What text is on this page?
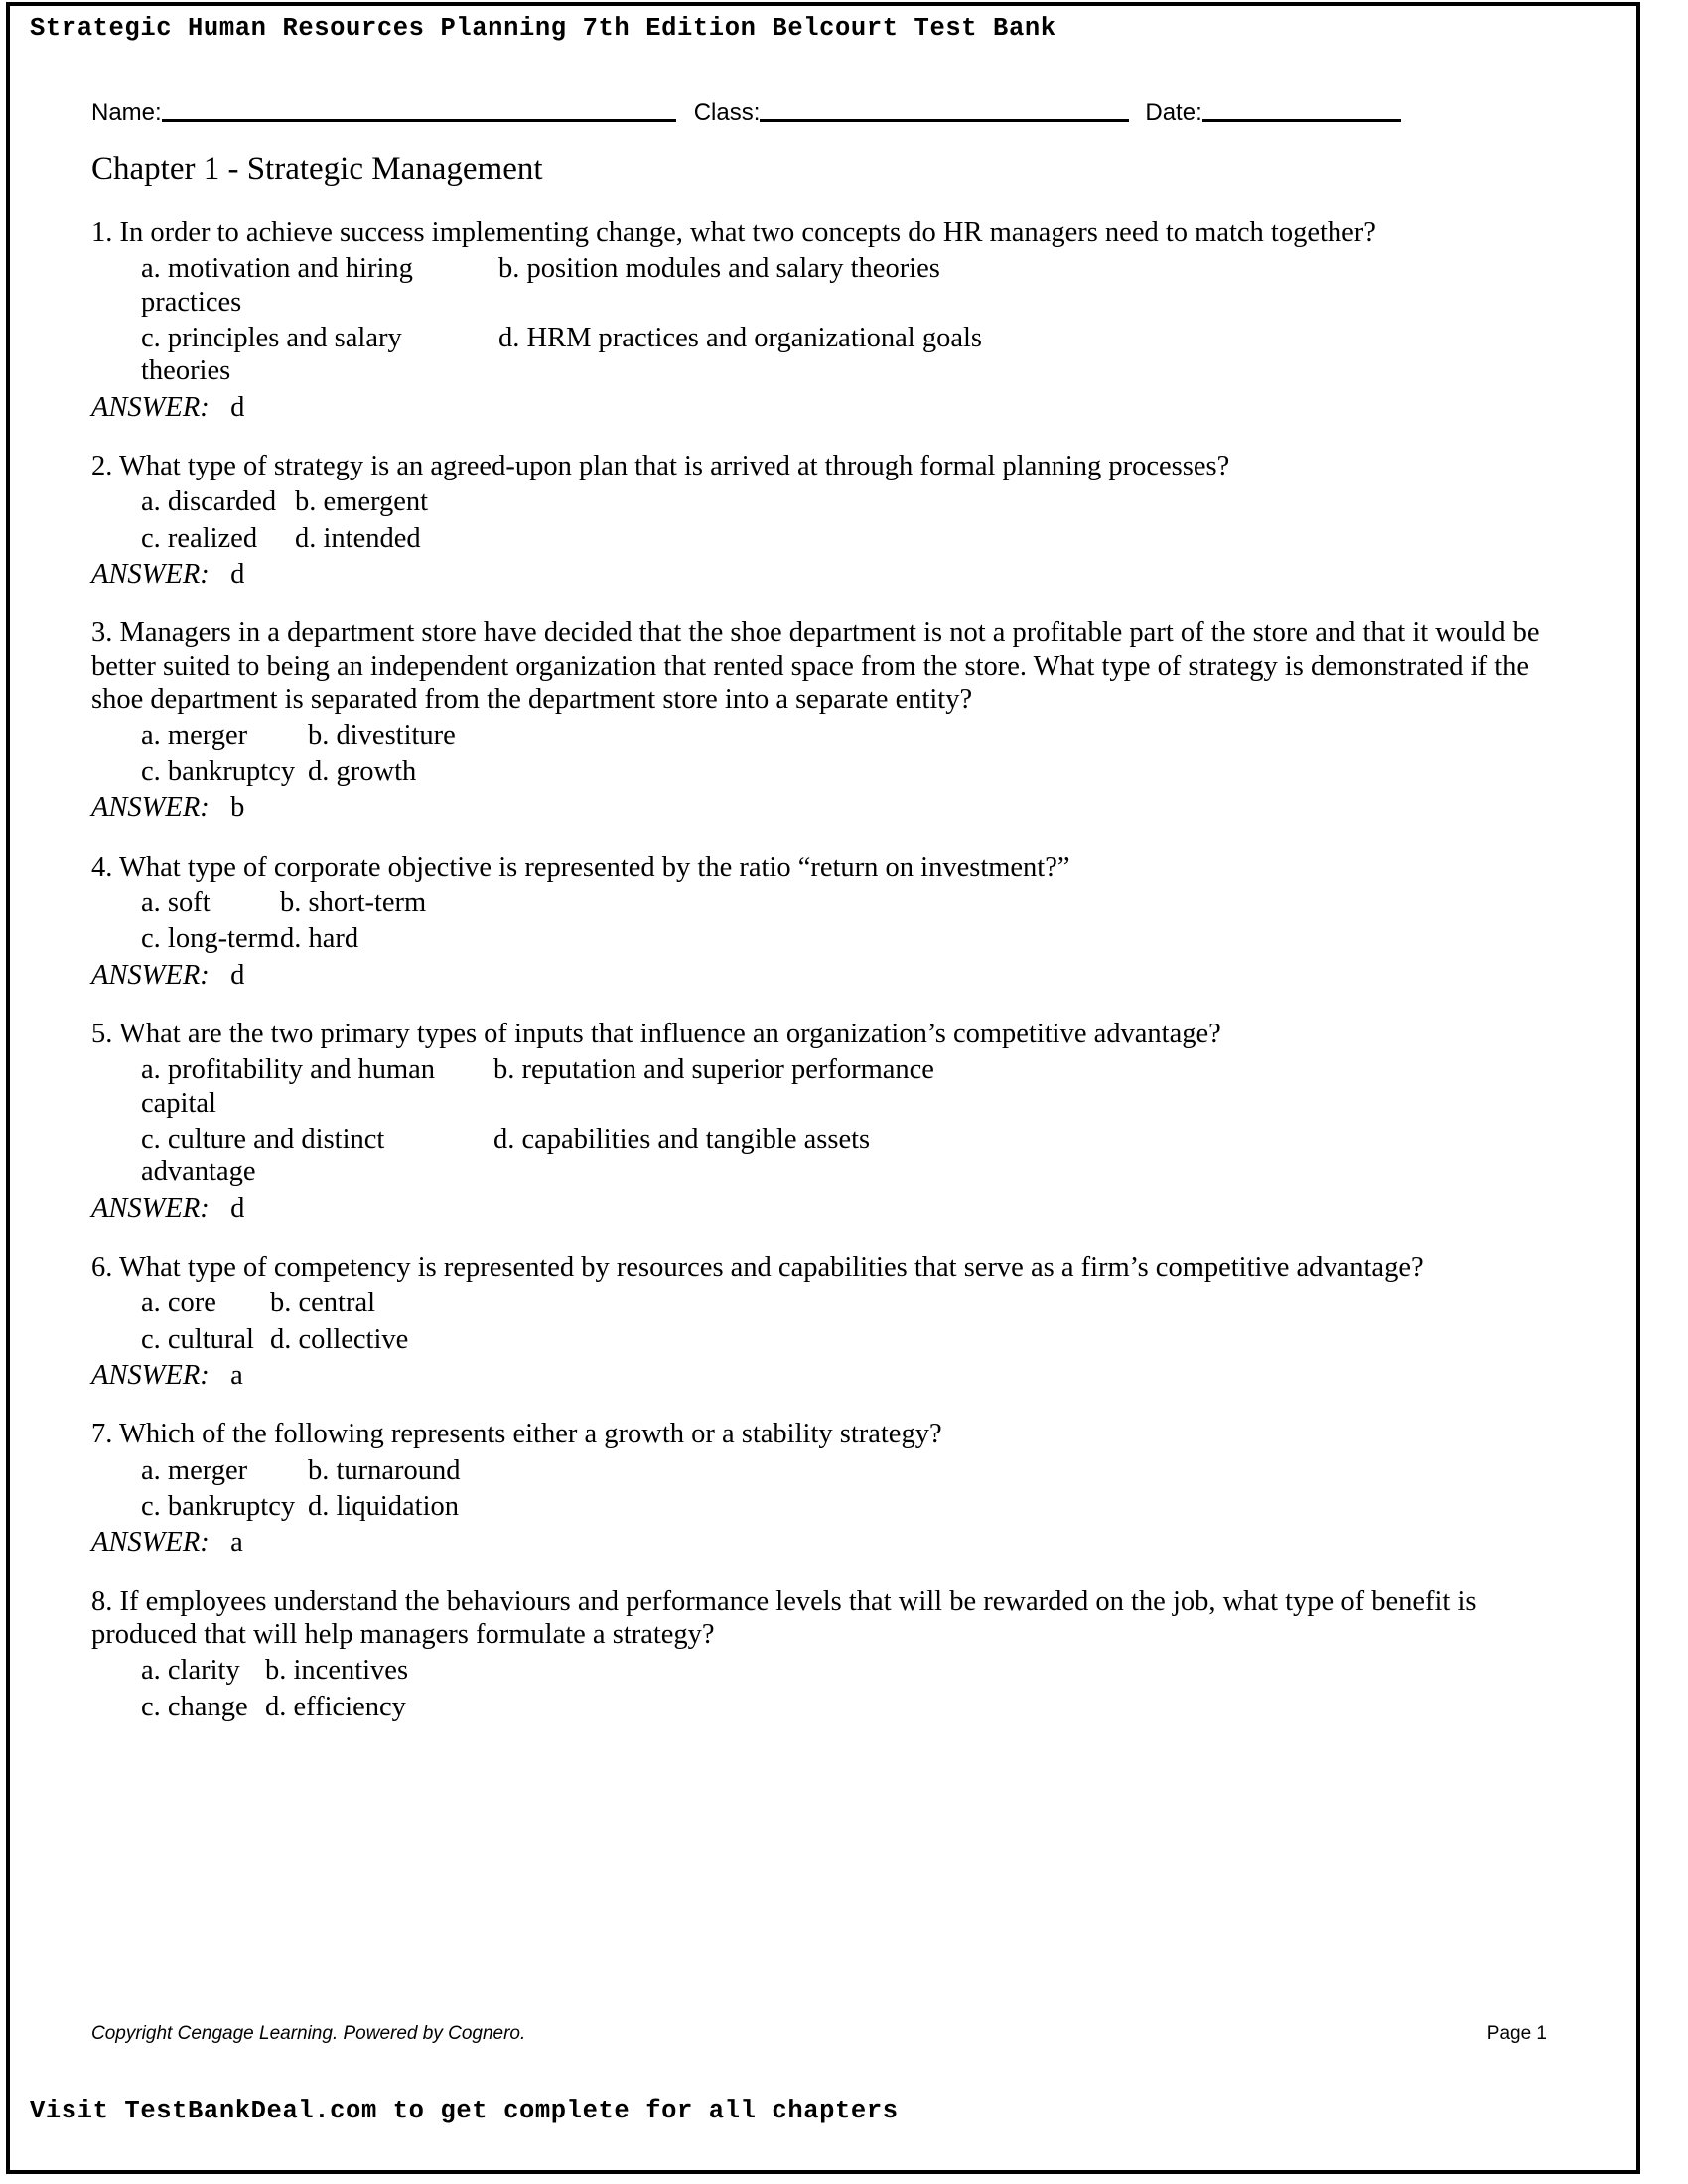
Strategic Human Resources Planning 7th Edition Belcourt Test Bank
Name:	Class:	Date:
Chapter 1 - Strategic Management
1. In order to achieve success implementing change, what two concepts do HR managers need to match together?
a. motivation and hiring practices
b. position modules and salary theories
c. principles and salary theories
d. HRM practices and organizational goals
ANSWER:   d
2. What type of strategy is an agreed-upon plan that is arrived at through formal planning processes?
a. discarded b. emergent
c. realized	d. intended
ANSWER:   d
3. Managers in a department store have decided that the shoe department is not a profitable part of the store and that it would be better suited to being an independent organization that rented space from the store. What type of strategy is demonstrated if the shoe department is separated from the department store into a separate entity?
a. merger	b. divestiture
c. bankruptcy d. growth
ANSWER:   b
4. What type of corporate objective is represented by the ratio “return on investment?”
a. soft	b. short-term
c. long-term d. hard
ANSWER:   d
5. What are the two primary types of inputs that influence an organization’s competitive advantage?
a. profitability and human capital
b. reputation and superior performance
c. culture and distinct advantage
d. capabilities and tangible assets
ANSWER:   d
6. What type of competency is represented by resources and capabilities that serve as a firm’s competitive advantage?
a. core	b. central
c. cultural d. collective
ANSWER:   a
7. Which of the following represents either a growth or a stability strategy?
a. merger	b. turnaround
c. bankruptcy d. liquidation
ANSWER:   a
8. If employees understand the behaviours and performance levels that will be rewarded on the job, what type of benefit is produced that will help managers formulate a strategy?
a. clarity b. incentives
c. change d. efficiency
Copyright Cengage Learning. Powered by Cognero.	Page 1
Visit TestBankDeal.com to get complete for all chapters
